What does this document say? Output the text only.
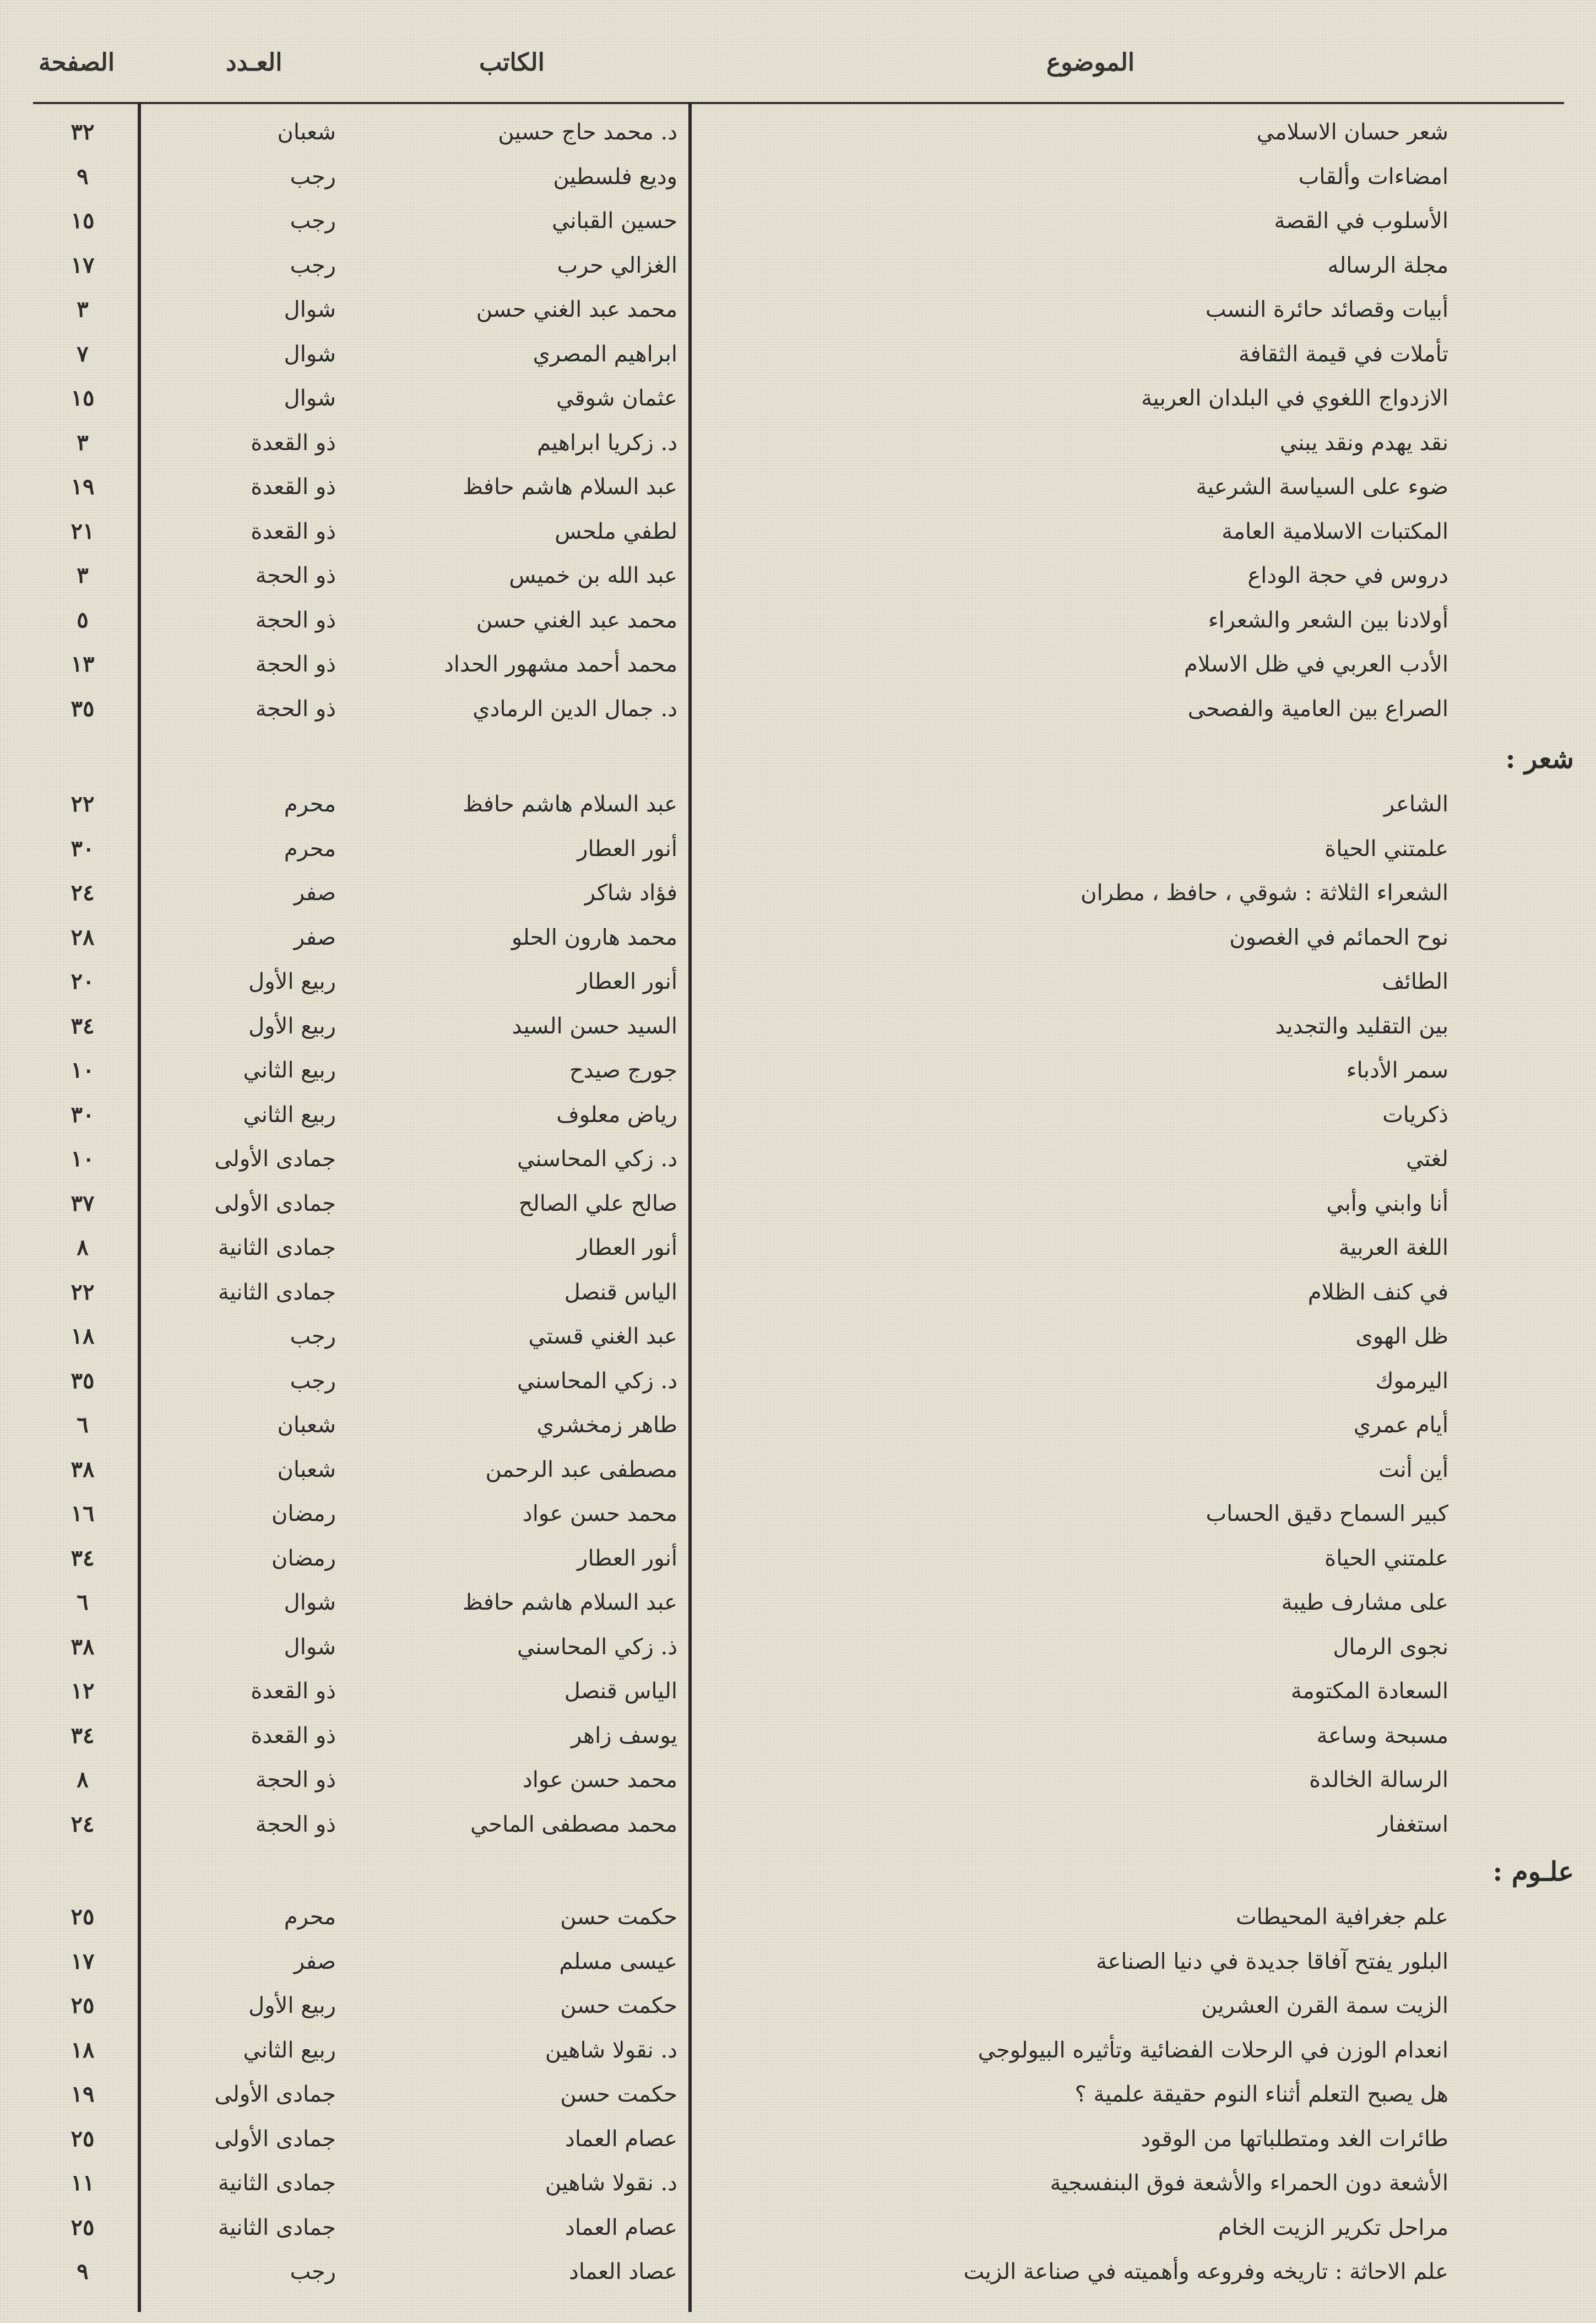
الصفحة	العـدد	الكاتب	الموضوع
شعر :
علـوم :
٣٢	شعبان	د. محمد حاج حسين	شعر حسان الاسلامي
٩	رجب	وديع فلسطين	امضاءات وألقاب
١٥	رجب	حسين القباني	الأسلوب في القصة
١٧	رجب	الغزالي حرب	مجلة الرساله
٣	شوال	محمد عبد الغني حسن	أبيات وقصائد حائرة النسب
٧	شوال	ابراهيم المصري	تأملات في قيمة الثقافة
١٥	شوال	عثمان شوقي	الازدواج اللغوي في البلدان العربية
٣	ذو القعدة	د. زكريا ابراهيم	نقد يهدم ونقد يبني
١٩	ذو القعدة	عبد السلام هاشم حافظ	ضوء على السياسة الشرعية
٢١	ذو القعدة	لطفي ملحس	المكتبات الاسلامية العامة
٣	ذو الحجة	عبد الله بن خميس	دروس في حجة الوداع
٥	ذو الحجة	محمد عبد الغني حسن	أولادنا بين الشعر والشعراء
١٣	ذو الحجة	محمد أحمد مشهور الحداد	الأدب العربي في ظل الاسلام
٣٥	ذو الحجة	د. جمال الدين الرمادي	الصراع بين العامية والفصحى
٢٢	محرم	عبد السلام هاشم حافظ	الشاعر
٣٠	محرم	أنور العطار	علمتني الحياة
٢٤	صفر	فؤاد شاكر	الشعراء الثلاثة : شوقي ، حافظ ، مطران
٢٨	صفر	محمد هارون الحلو	نوح الحمائم في الغصون
٢٠	ربيع الأول	أنور العطار	الطائف
٣٤	ربيع الأول	السيد حسن السيد	بين التقليد والتجديد
١٠	ربيع الثاني	جورج صيدح	سمر الأدباء
٣٠	ربيع الثاني	رياض معلوف	ذكريات
١٠	جمادى الأولى	د. زكي المحاسني	لغتي
٣٧	جمادى الأولى	صالح علي الصالح	أنا وابني وأبي
٨	جمادى الثانية	أنور العطار	اللغة العربية
٢٢	جمادى الثانية	الياس قنصل	في كنف الظلام
١٨	رجب	عبد الغني قستي	ظل الهوى
٣٥	رجب	د. زكي المحاسني	اليرموك
٦	شعبان	طاهر زمخشري	أيام عمري
٣٨	شعبان	مصطفى عبد الرحمن	أين أنت
١٦	رمضان	محمد حسن عواد	كبير السماح دقيق الحساب
٣٤	رمضان	أنور العطار	علمتني الحياة
٦	شوال	عبد السلام هاشم حافظ	على مشارف طيبة
٣٨	شوال	ذ. زكي المحاسني	نجوى الرمال
١٢	ذو القعدة	الياس قنصل	السعادة المكتومة
٣٤	ذو القعدة	يوسف زاهر	مسبحة وساعة
٨	ذو الحجة	محمد حسن عواد	الرسالة الخالدة
٢٤	ذو الحجة	محمد مصطفى الماحي	استغفار
٢٥	محرم	حكمت حسن	علم جغرافية المحيطات
١٧	صفر	عيسى مسلم	البلور يفتح آفاقا جديدة في دنيا الصناعة
٢٥	ربيع الأول	حكمت حسن	الزيت سمة القرن العشرين
١٨	ربيع الثاني	د. نقولا شاهين	انعدام الوزن في الرحلات الفضائية وتأثيره البيولوجي
١٩	جمادى الأولى	حكمت حسن	هل يصبح التعلم أثناء النوم حقيقة علمية ؟
٢٥	جمادى الأولى	عصام العماد	طائرات الغد ومتطلباتها من الوقود
١١	جمادى الثانية	د. نقولا شاهين	الأشعة دون الحمراء والأشعة فوق البنفسجية
٢٥	جمادى الثانية	عصام العماد	مراحل تكرير الزيت الخام
٩	رجب	عصاد العماد	علم الاحاثة : تاريخه وفروعه وأهميته في صناعة الزيت
